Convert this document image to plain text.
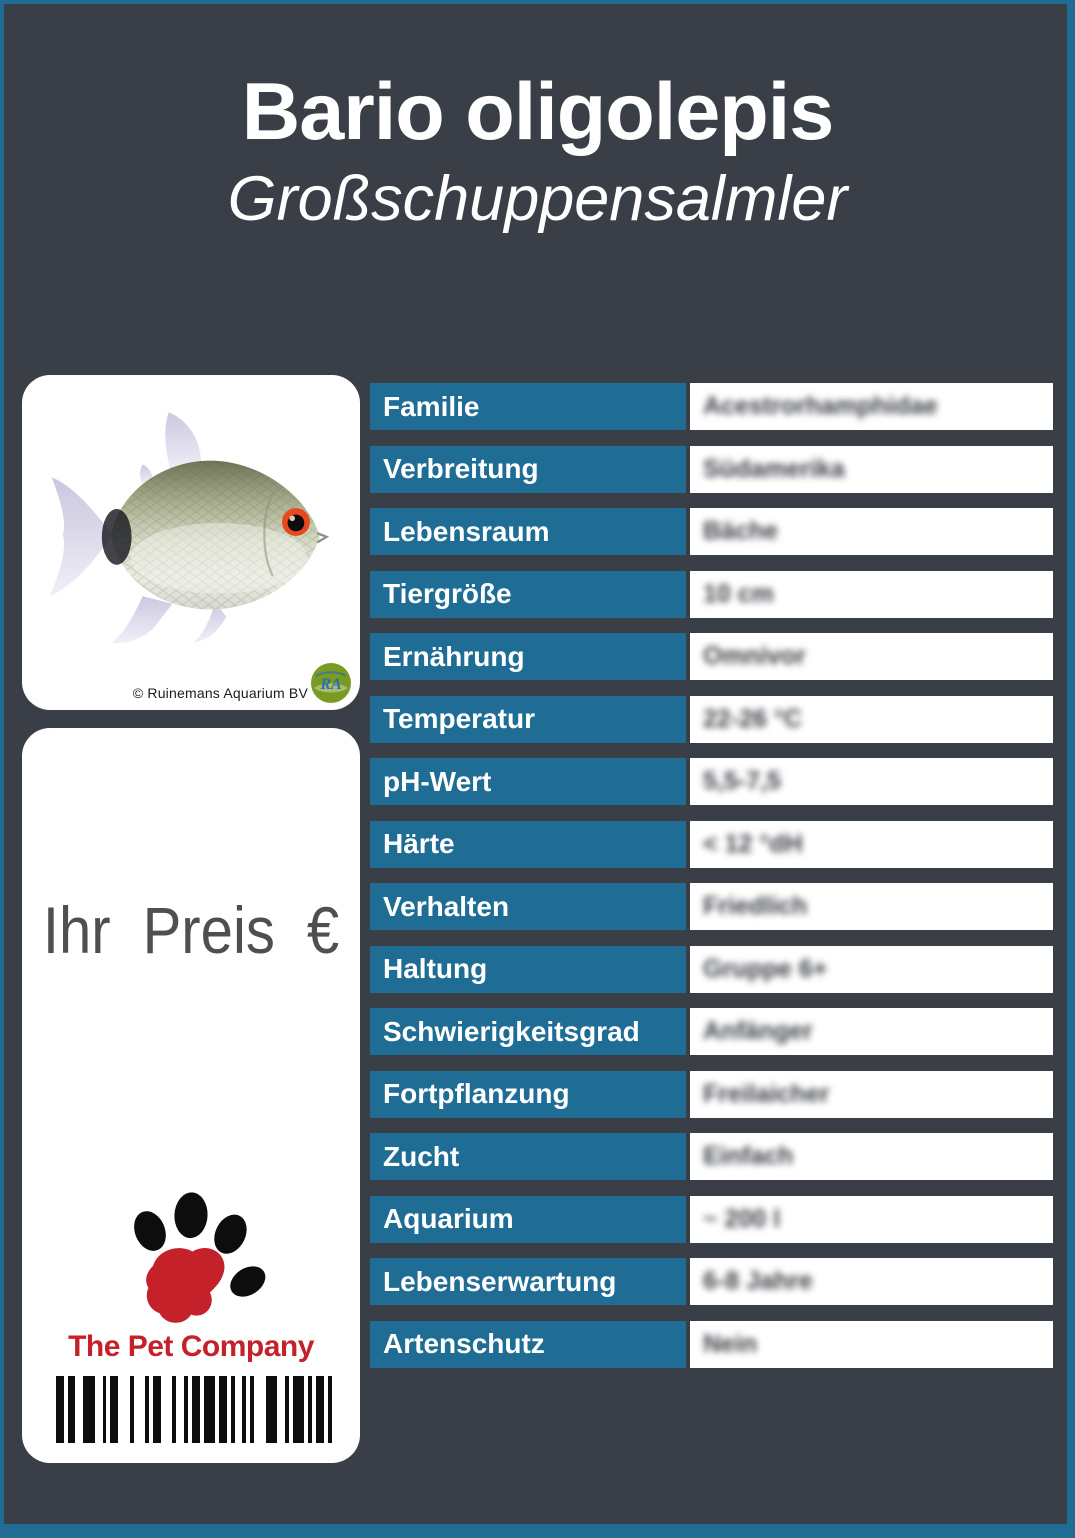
Bario oligolepis
Großschuppensalmler
© Ruinemans Aquarium BV RA
Ihr Preis €
The Pet Company
Familie	Acestrorhamphidae
Verbreitung	Südamerika
Lebensraum	Bäche
Tiergröße	10 cm
Ernährung	Omnivor
Temperatur	22-26 °C
pH-Wert	5,5-7,5
Härte	< 12 °dH
Verhalten	Friedlich
Haltung	Gruppe 6+
Schwierigkeitsgrad	Anfänger
Fortpflanzung	Freilaicher
Zucht	Einfach
Aquarium	~ 200 l
Lebenserwartung	6-8 Jahre
Artenschutz	Nein
